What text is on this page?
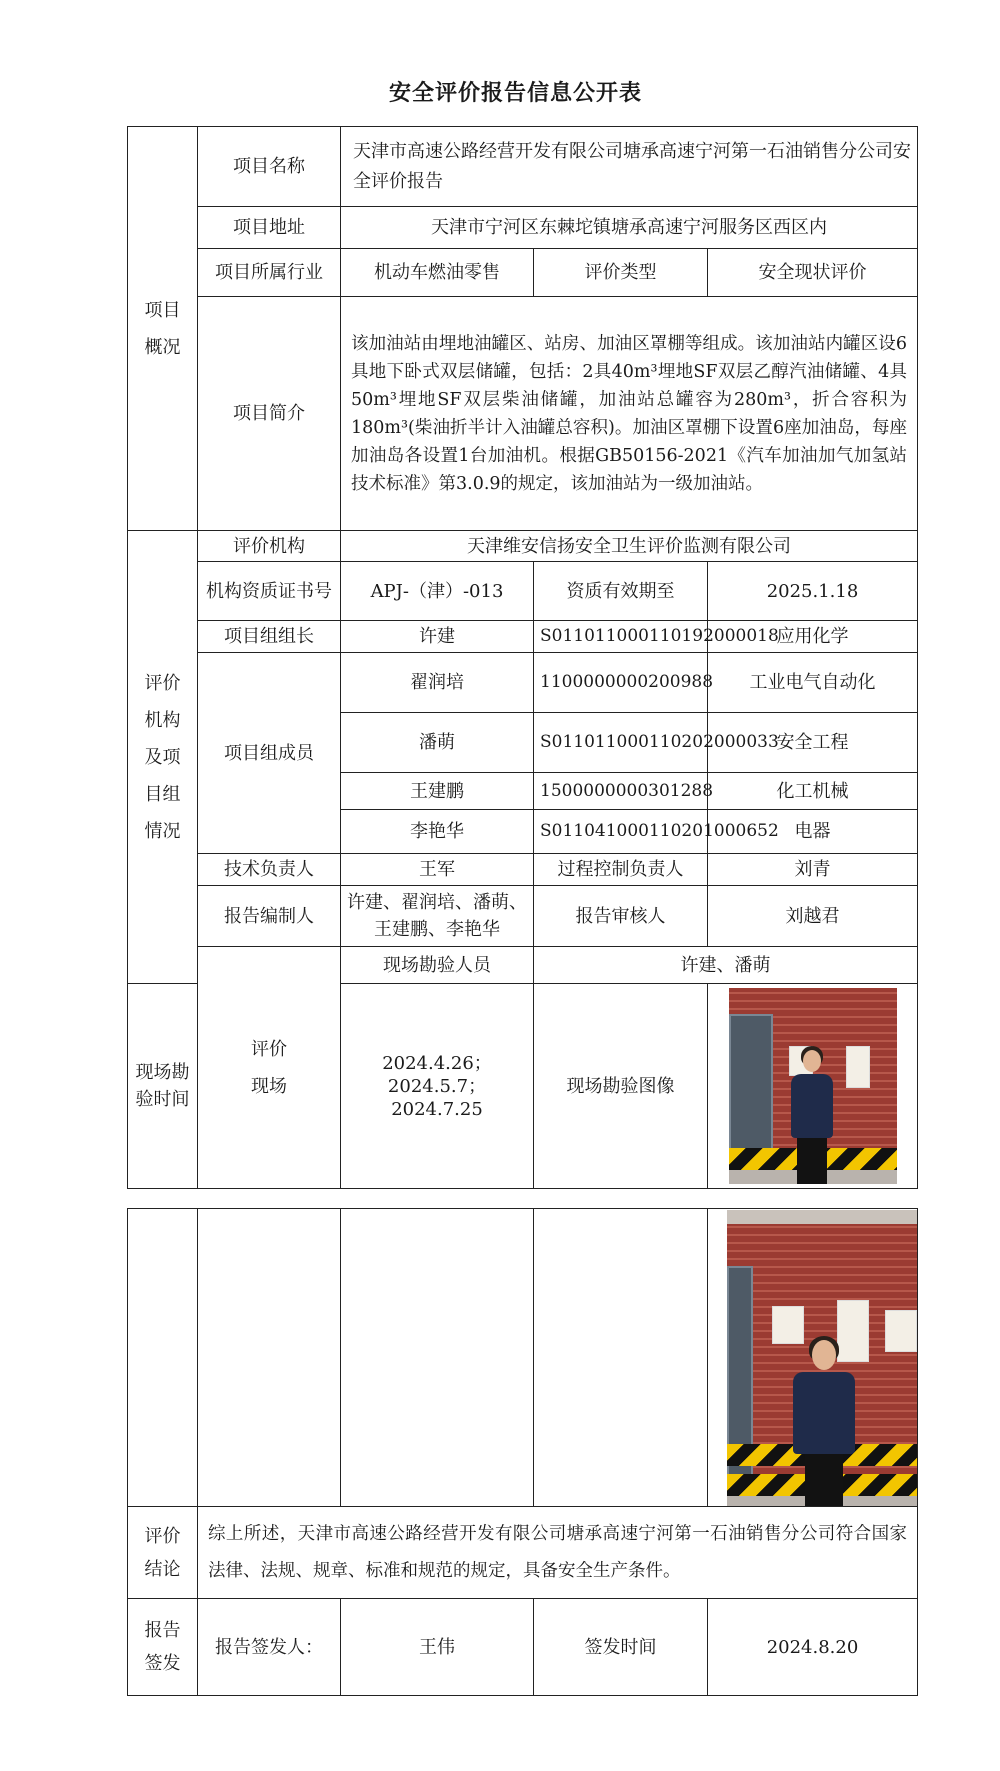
安全评价报告信息公开表
项目
概况	项目名称	天津市高速公路经营开发有限公司塘承高速宁河第一石油销售分公司安全评价报告		
	项目地址	天津市宁河区东棘坨镇塘承高速宁河服务区西区内		
	项目所属行业	机动车燃油零售	评价类型	安全现状评价
	项目简介	该加油站由埋地油罐区、站房、加油区罩棚等组成。该加油站内罐区设6具地下卧式双层储罐，包括：2具40m³埋地SF双层乙醇汽油储罐、4具50m³埋地SF双层柴油储罐，加油站总罐容为280m³，折合容积为180m³(柴油折半计入油罐总容积)。加油区罩棚下设置6座加油岛，每座加油岛各设置1台加油机。根据GB50156-2021《汽车加油加气加氢站技术标准》第3.0.9的规定，该加油站为一级加油站。		
评价
机构
及项
目组
情况	评价机构	天津维安信扬安全卫生评价监测有限公司		
	机构资质证书号	APJ-（津）-013	资质有效期至	2025.1.18
	项目组组长	许建	S011011000110192000018	应用化学
	项目组成员	翟润培	1100000000200988	工业电气自动化
		潘萌	S011011000110202000033	安全工程
		王建鹏	1500000000301288	化工机械
		李艳华	S011041000110201000652	电器
	技术负责人	王军	过程控制负责人	刘青
	报告编制人	许建、翟润培、潘萌、王建鹏、李艳华	报告审核人	刘越君
	评价
现场	现场勘验人员	许建、潘萌	
现场勘验时间		2024.4.26；
2024.5.7；
2024.7.25	现场勘验图像	

评价
结论	综上所述，天津市高速公路经营开发有限公司塘承高速宁河第一石油销售分公司符合国家法律、法规、规章、标准和规范的规定，具备安全生产条件。			
报告
签发	报告签发人：	王伟	签发时间	2024.8.20
